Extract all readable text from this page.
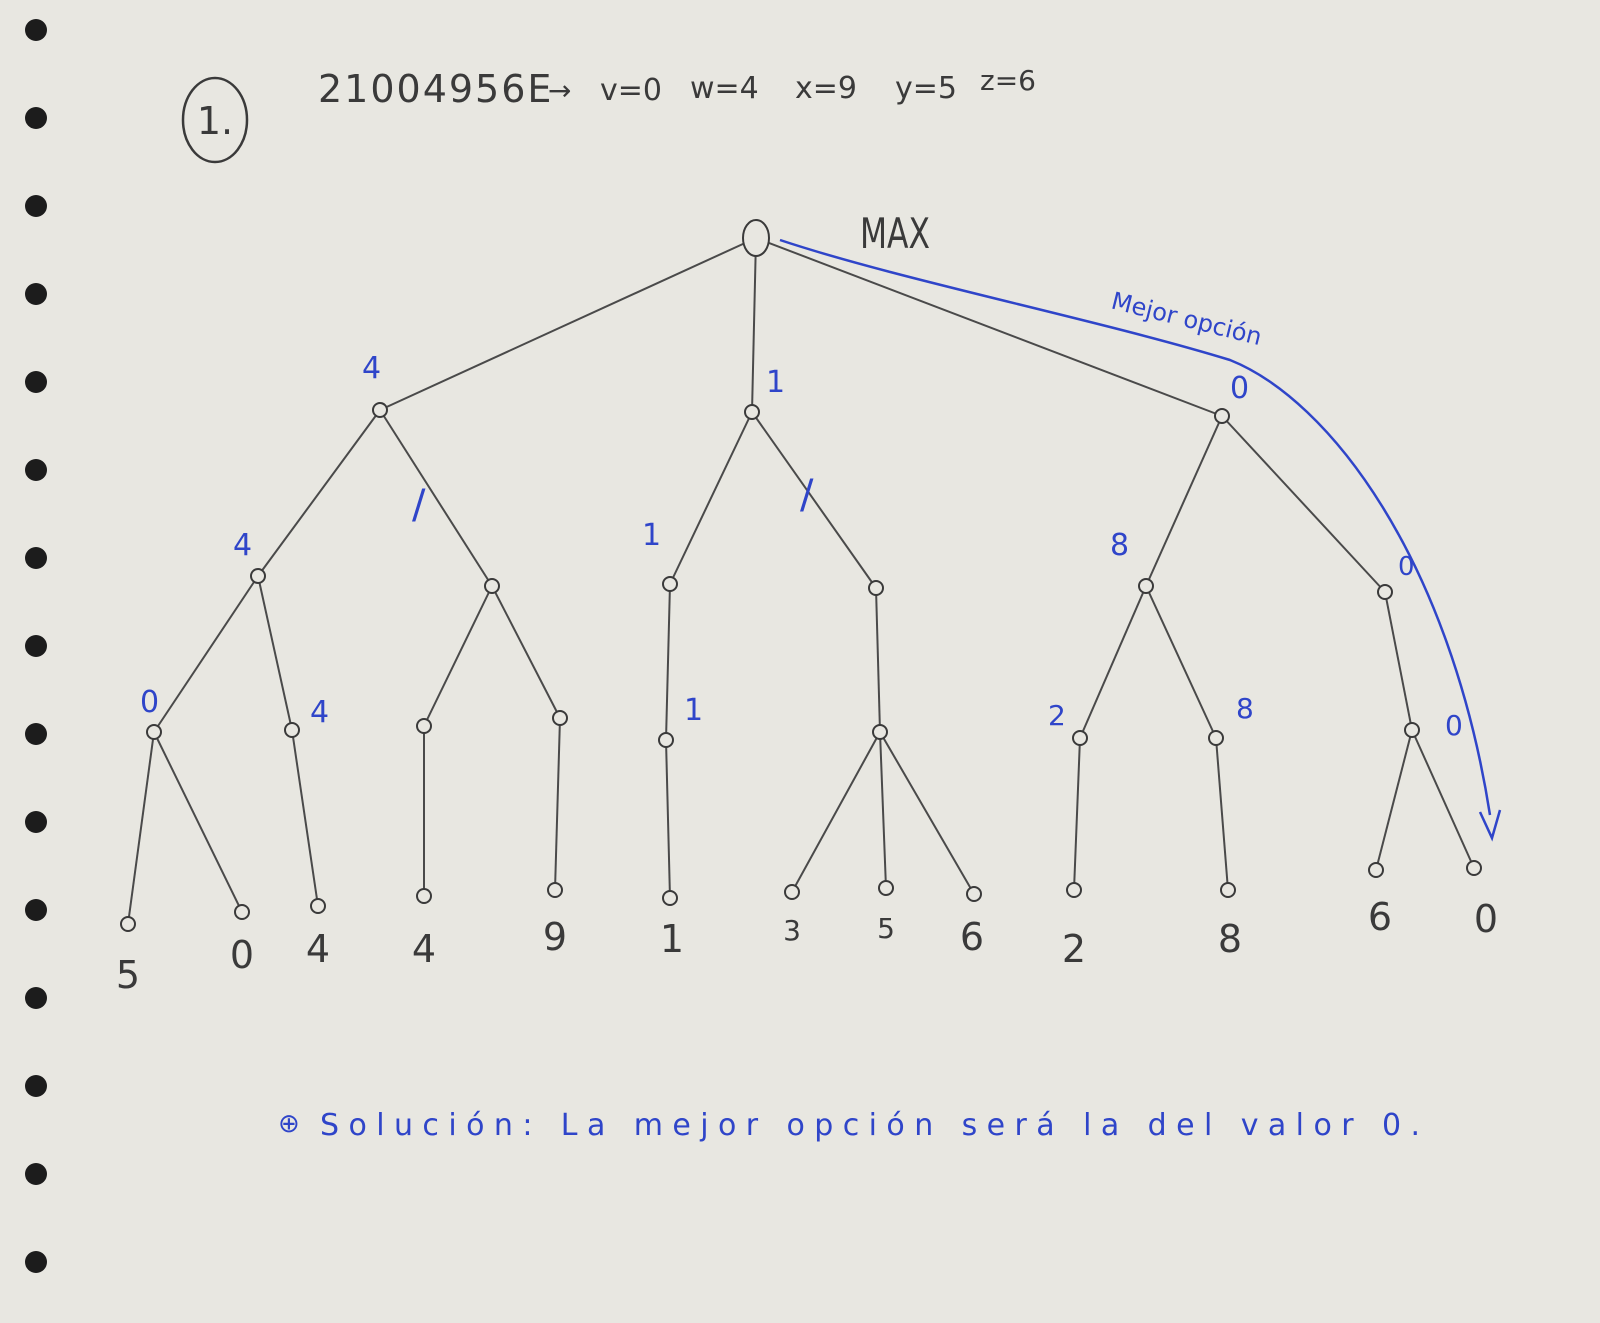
1.
21004956E
→ v=0 w=4 x=9 y=5 z=6
MAX
Mejor opción
4	1	0
4	1	8
0
0	4	1	2	8
0
/	/
5 0 4 4	9 1	3	5 6 2	8	6 0
⊕ Solución: La mejor opción será la del valor 0.
